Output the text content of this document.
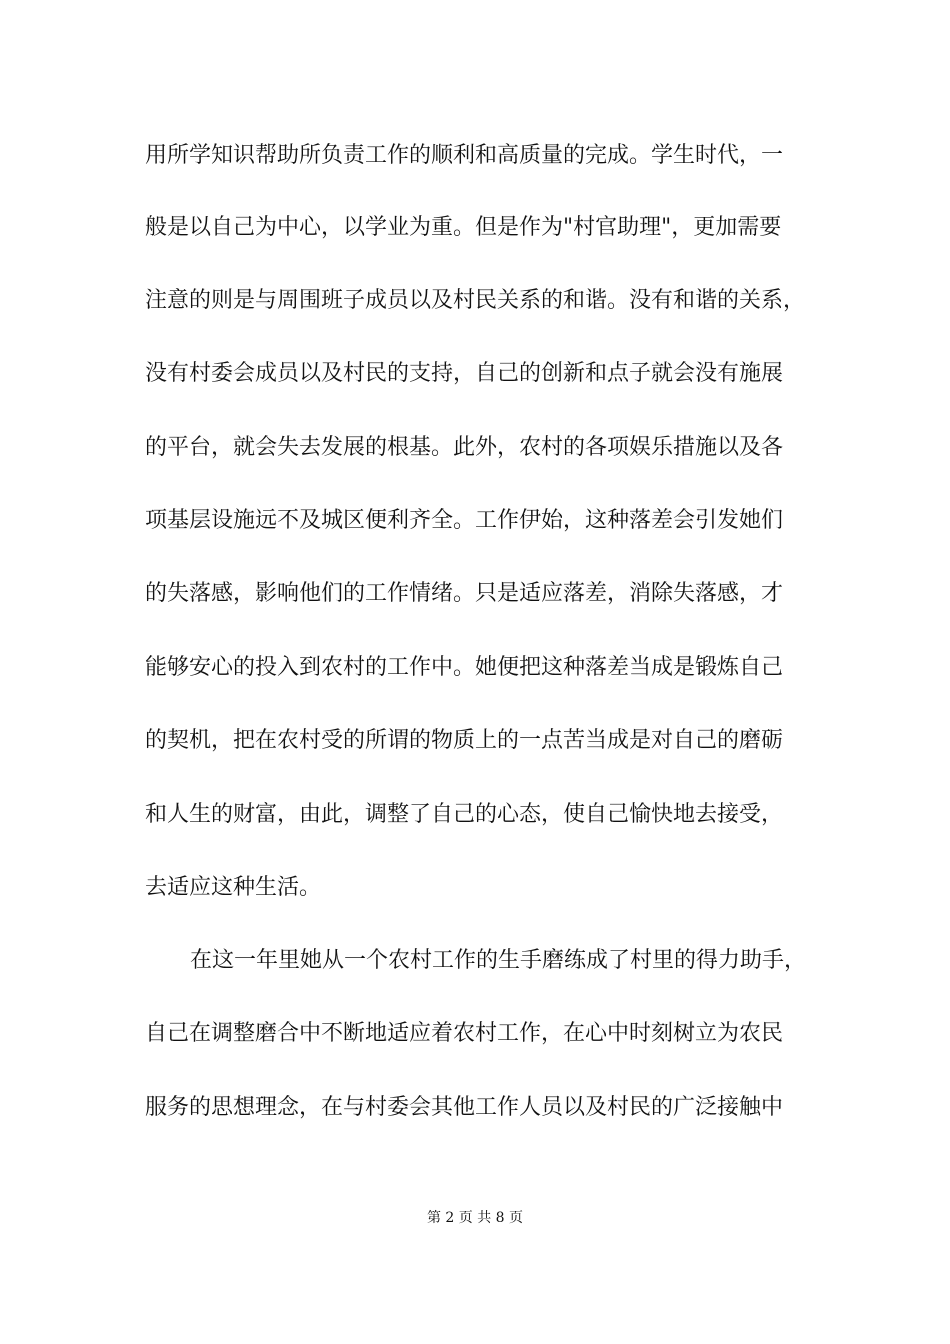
用所学知识帮助所负责工作的顺利和高质量的完成。学生时代，一
般是以自己为中心，以学业为重。但是作为"村官助理"，更加需要
注意的则是与周围班子成员以及村民关系的和谐。没有和谐的关系，
没有村委会成员以及村民的支持，自己的创新和点子就会没有施展
的平台，就会失去发展的根基。此外，农村的各项娱乐措施以及各
项基层设施远不及城区便利齐全。工作伊始，这种落差会引发她们
的失落感，影响他们的工作情绪。只是适应落差，消除失落感，才
能够安心的投入到农村的工作中。她便把这种落差当成是锻炼自己
的契机，把在农村受的所谓的物质上的一点苦当成是对自己的磨砺
和人生的财富，由此，调整了自己的心态，使自己愉快地去接受，
去适应这种生活。
在这一年里她从一个农村工作的生手磨练成了村里的得力助手，
自己在调整磨合中不断地适应着农村工作，在心中时刻树立为农民
服务的思想理念，在与村委会其他工作人员以及村民的广泛接触中
第 2 页 共 8 页
